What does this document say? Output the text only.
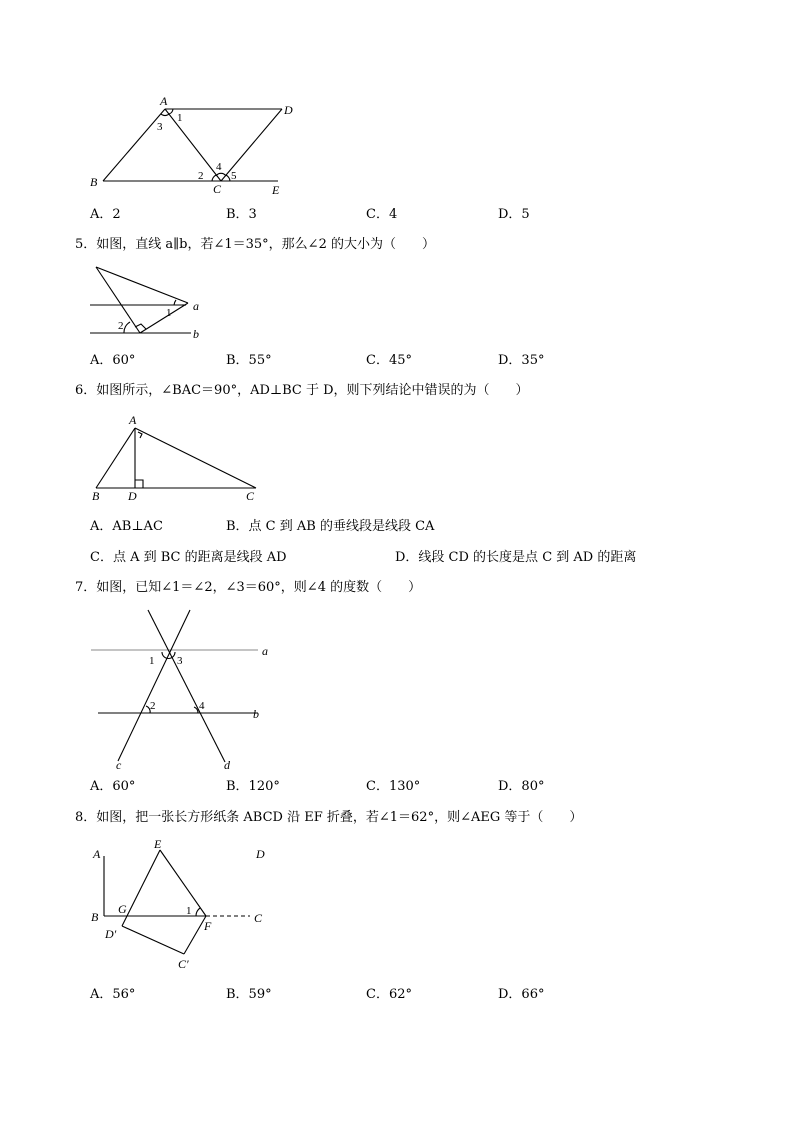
A
D
B	C	E
1
3
2
4
5
A．2	B．3	C．4	D．5
5．如图，直线 a∥b，若∠1＝35°，那么∠2 的大小为（　　）
a
b
1
2
A．60°	B．55°	C．45°	D．35°
6．如图所示，∠BAC＝90°，AD⊥BC 于 D，则下列结论中错误的为（　　）
A
B D	C
A．AB⊥AC	B．点 C 到 AB 的垂线段是线段 CA
C．点 A 到 BC 的距离是线段 AD	D．线段 CD 的长度是点 C 到 AD 的距离
7．如图，已知∠1＝∠2，∠3＝60°，则∠4 的度数（　　）
1 3
2	4
a
b
c	d
A．60°	B．120°	C．130°	D．80°
8．如图，把一张长方形纸条 ABCD 沿 EF 折叠，若∠1＝62°，则∠AEG 等于（　　）
A
E
D
B
G	1
F
C
D′
C′
A．56°	B．59°	C．62°	D．66°
